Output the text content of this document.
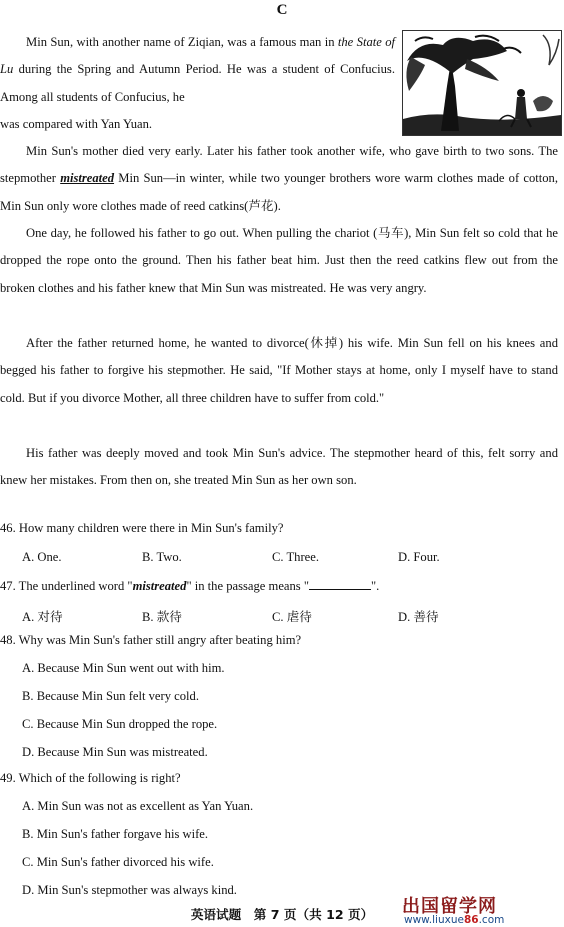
C

Min Sun, with another name of Ziqian, was a famous man in the State of Lu during the Spring and Autumn Period. He was a student of Confucius. Among all students of Confucius, he

was compared with Yan Yuan.

Min Sun's mother died very early. Later his father took another wife, who gave birth to two sons. The stepmother mistreated Min Sun—in winter, while two younger brothers wore warm clothes made of cotton, Min Sun only wore clothes made of reed catkins(芦花).

One day, he followed his father to go out. When pulling the chariot (马车), Min Sun felt so cold that he dropped the rope onto the ground. Then his father beat him. Just then the reed catkins flew out from the broken clothes and his father knew that Min Sun was mistreated. He was very angry.

After the father returned home, he wanted to divorce(休掉) his wife. Min Sun fell on his knees and begged his father to forgive his stepmother. He said, "If Mother stays at home, only I myself have to stand cold. But if you divorce Mother, all three children have to suffer from cold."

His father was deeply moved and took Min Sun's advice. The stepmother heard of this, felt sorry and knew her mistakes. From then on, she treated Min Sun as her own son.

46. How many children were there in Min Sun's family?

A. One.	B. Two.	C. Three.	D. Four.

47. The underlined word "mistreated" in the passage means "	".

A. 对待	B. 款待	C. 虐待	D. 善待

48. Why was Min Sun's father still angry after beating him?

A. Because Min Sun went out with him.
B. Because Min Sun felt very cold.
C. Because Min Sun dropped the rope.
D. Because Min Sun was mistreated.

49. Which of the following is right?

A. Min Sun was not as excellent as Yan Yuan.
B. Min Sun's father forgave his wife.
C. Min Sun's father divorced his wife.
D. Min Sun's stepmother was always kind.
英语试题　第 7 页（共 12 页）	出国留学网
www.liuxue86.com
